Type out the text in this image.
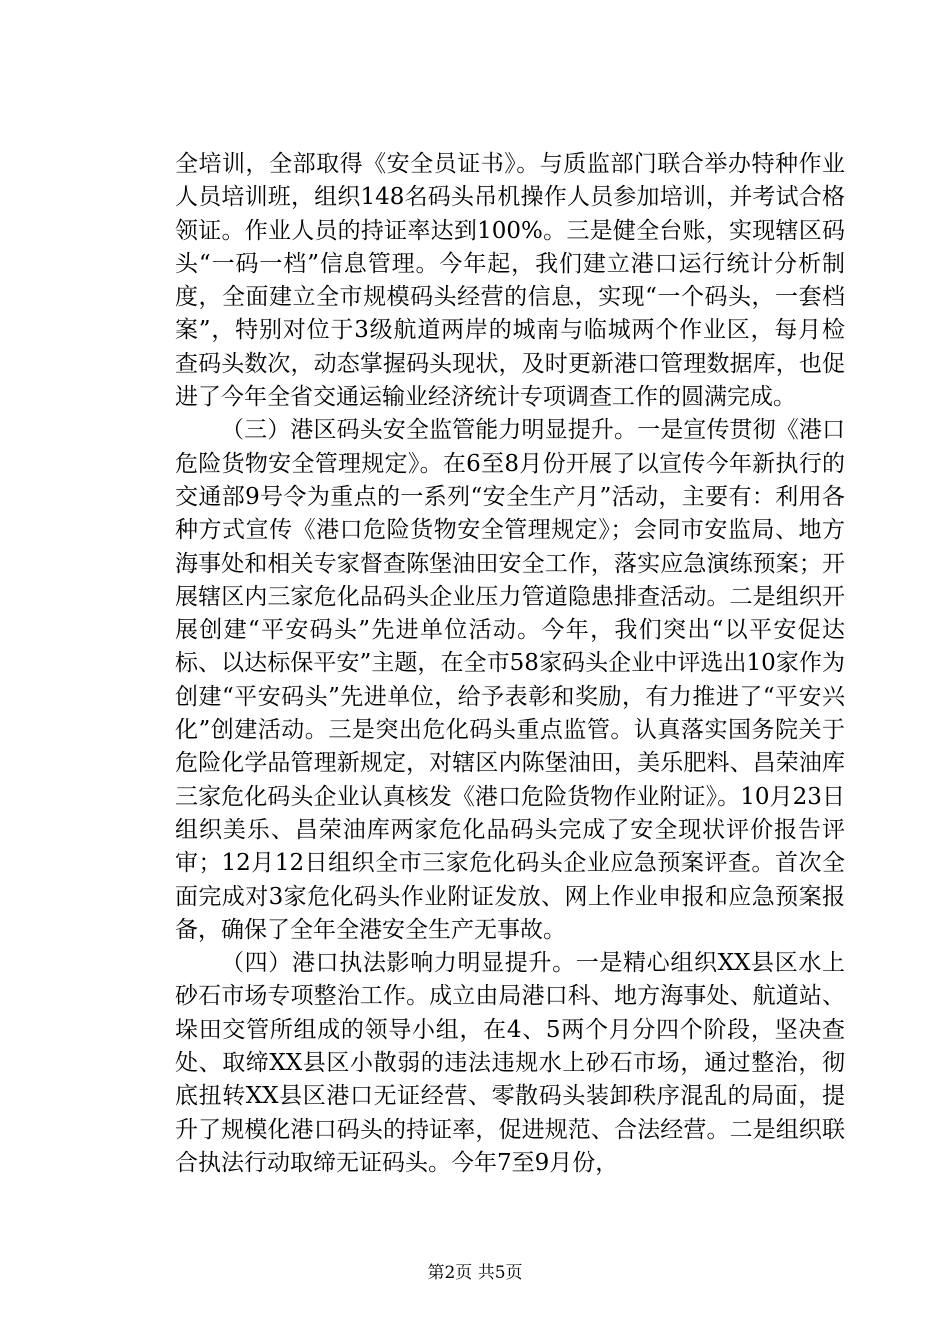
全培训，全部取得《安全员证书》。与质监部门联合举办特种作业人员培训班，组织148名码头吊机操作人员参加培训，并考试合格领证。作业人员的持证率达到100%。三是健全台账，实现辖区码头“一码一档”信息管理。今年起，我们建立港口运行统计分析制度，全面建立全市规模码头经营的信息，实现“一个码头，一套档案”，特别对位于3级航道两岸的城南与临城两个作业区，每月检查码头数次，动态掌握码头现状，及时更新港口管理数据库，也促进了今年全省交通运输业经济统计专项调查工作的圆满完成。

（三）港区码头安全监管能力明显提升。一是宣传贯彻《港口危险货物安全管理规定》。在6至8月份开展了以宣传今年新执行的交通部9号令为重点的一系列“安全生产月”活动，主要有：利用各种方式宣传《港口危险货物安全管理规定》；会同市安监局、地方海事处和相关专家督查陈堡油田安全工作，落实应急演练预案；开展辖区内三家危化品码头企业压力管道隐患排查活动。二是组织开展创建“平安码头”先进单位活动。今年，我们突出“以平安促达标、以达标保平安”主题，在全市58家码头企业中评选出10家作为创建“平安码头”先进单位，给予表彰和奖励，有力推进了“平安兴化”创建活动。三是突出危化码头重点监管。认真落实国务院关于危险化学品管理新规定，对辖区内陈堡油田，美乐肥料、昌荣油库三家危化码头企业认真核发《港口危险货物作业附证》。10月23日组织美乐、昌荣油库两家危化品码头完成了安全现状评价报告评审；12月12日组织全市三家危化码头企业应急预案评查。首次全面完成对3家危化码头作业附证发放、网上作业申报和应急预案报备，确保了全年全港安全生产无事故。

（四）港口执法影响力明显提升。一是精心组织XX县区水上砂石市场专项整治工作。成立由局港口科、地方海事处、航道站、垛田交管所组成的领导小组，在4、5两个月分四个阶段，坚决查处、取缔XX县区小散弱的违法违规水上砂石市场，通过整治，彻底扭转XX县区港口无证经营、零散码头装卸秩序混乱的局面，提升了规模化港口码头的持证率，促进规范、合法经营。二是组织联合执法行动取缔无证码头。今年7至9月份，

第2页 共5页
